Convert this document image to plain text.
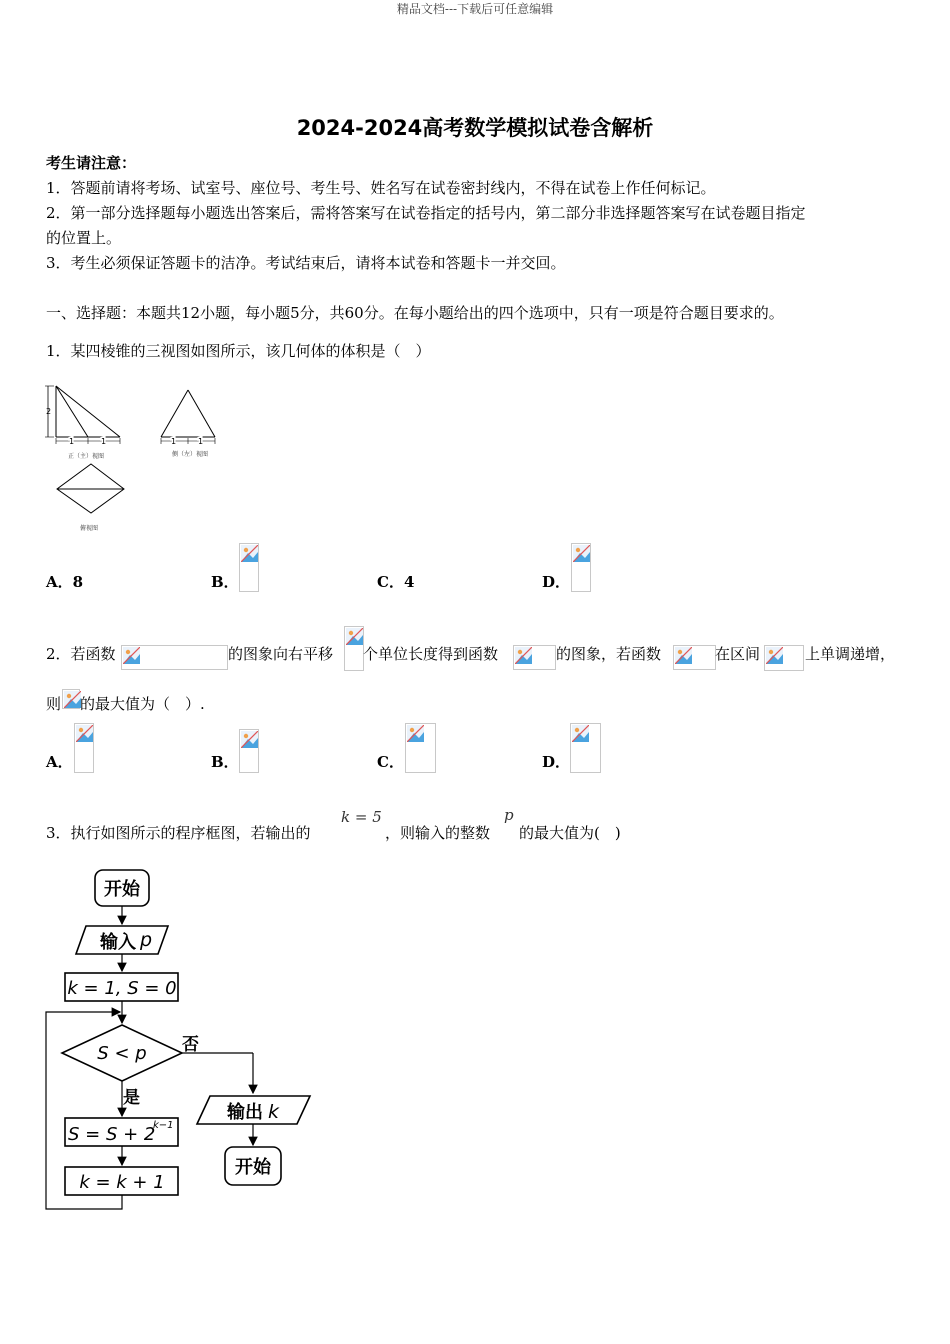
精品文档---下载后可任意编辑
2024-2024高考数学模拟试卷含解析
考生请注意：
1．答题前请将考场、试室号、座位号、考生号、姓名写在试卷密封线内，不得在试卷上作任何标记。
2．第一部分选择题每小题选出答案后，需将答案写在试卷指定的括号内，第二部分非选择题答案写在试卷题目指定
的位置上。
3．考生必须保证答题卡的洁净。考试结束后，请将本试卷和答题卡一并交回。
一、选择题：本题共12小题，每小题5分，共60分。在每小题给出的四个选项中，只有一项是符合题目要求的。
1．某四棱锥的三视图如图所示，该几何体的体积是（　）
2
1	1
正（主）视图
1	1
侧（左）视图
俯视图
A．8	B．	C．4	D．
2．若函数	的图象向右平移 个单位长度得到函数	的图象，若函数	在区间	上单调递增，
则 的最大值为（　）.
A．	B．	C．	D．
3．执行如图所示的程序框图，若输出的
k = 5
，则输入的整数
p
的最大值为(　)
开始
输入 p
k = 1, S = 0
S < p 否
是
S = S + 2
k−1
k = k + 1
输出 k
开始
